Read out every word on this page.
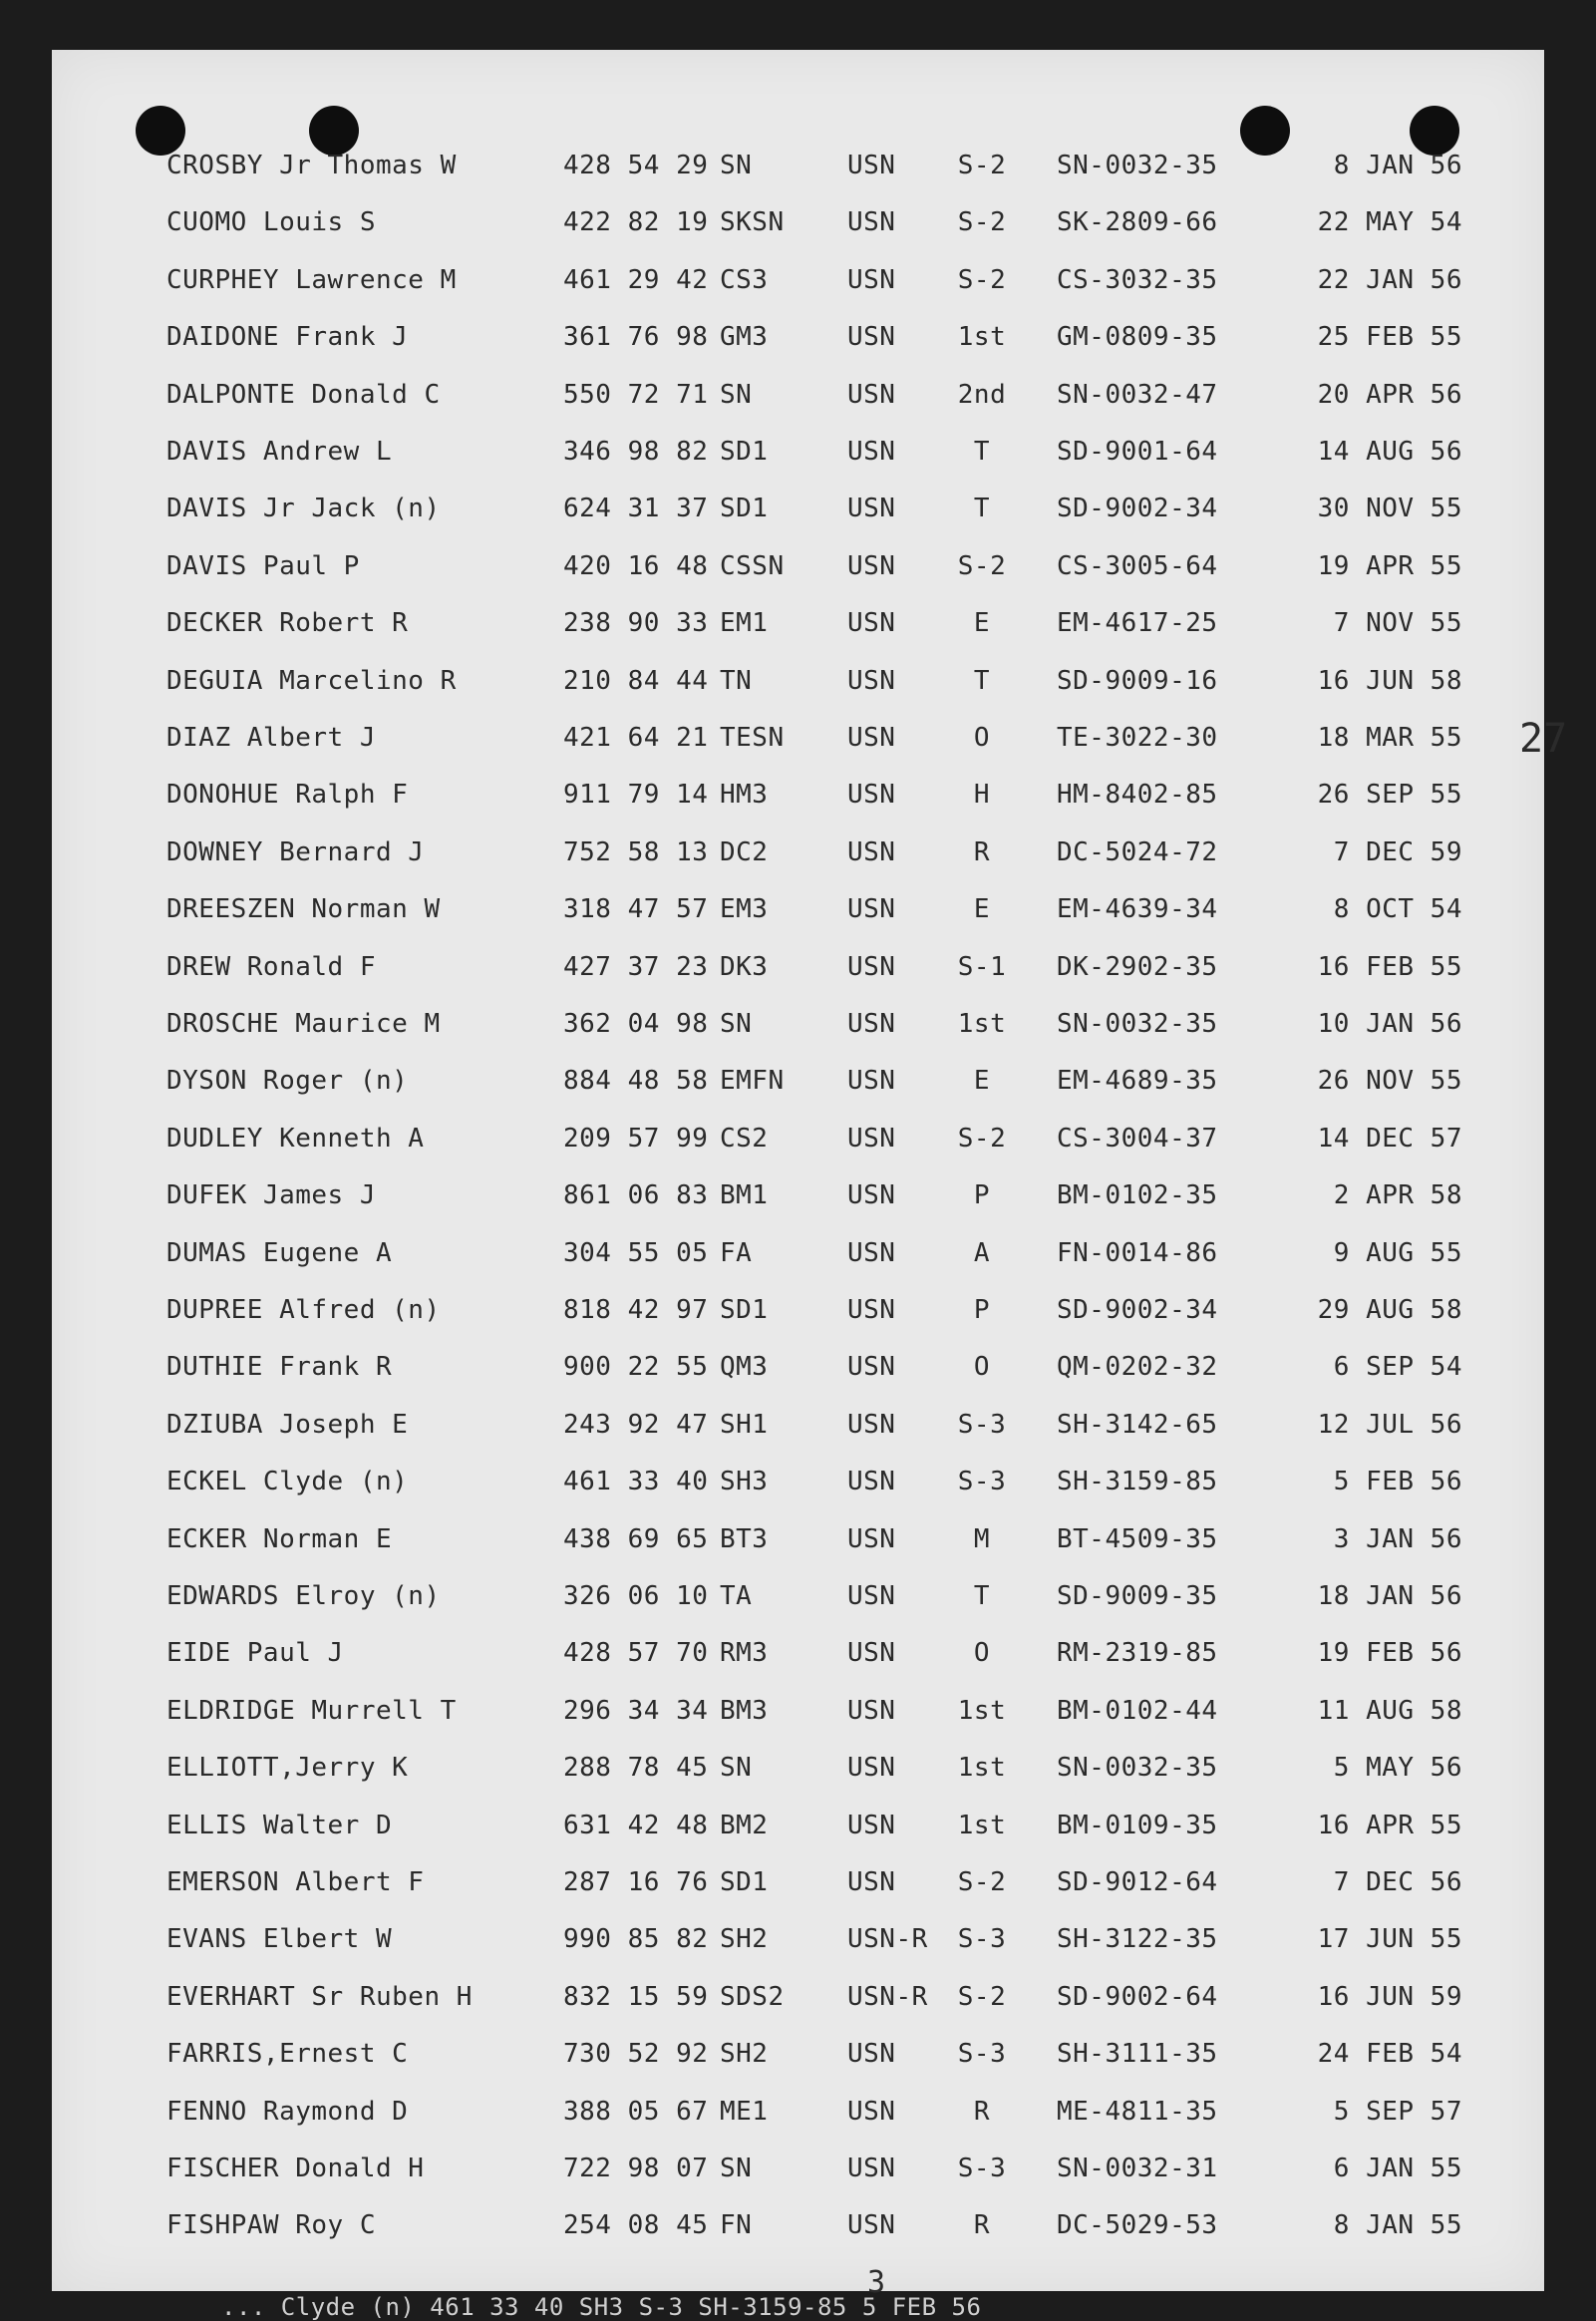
CROSBY Jr Thomas W	428 54 29 SN	USN	S-2	SN-0032-35	8 JAN 56
CUOMO Louis S	422 82 19 SKSN USN	S-2	SK-2809-66	22 MAY 54
CURPHEY Lawrence M	461 29 42 CS3	USN	S-2	CS-3032-35	22 JAN 56
DAIDONE Frank J	361 76 98 GM3	USN	1st	GM-0809-35	25 FEB 55
DALPONTE Donald C	550 72 71 SN	USN	2nd	SN-0032-47	20 APR 56
DAVIS Andrew L	346 98 82 SD1	USN	T	SD-9001-64	14 AUG 56
DAVIS Jr Jack (n)	624 31 37 SD1	USN	T	SD-9002-34	30 NOV 55
DAVIS Paul P	420 16 48 CSSN USN	S-2	CS-3005-64	19 APR 55
DECKER Robert R	238 90 33 EM1	USN	E	EM-4617-25	7 NOV 55
DEGUIA Marcelino R	210 84 44 TN	USN	T	SD-9009-16	16 JUN 58
DIAZ Albert J	421 64 21 TESN USN	O	TE-3022-30	18 MAR 55
DONOHUE Ralph F	911 79 14 HM3	USN	H	HM-8402-85	26 SEP 55
DOWNEY Bernard J	752 58 13 DC2	USN	R	DC-5024-72	7 DEC 59
DREESZEN Norman W	318 47 57 EM3	USN	E	EM-4639-34	8 OCT 54
DREW Ronald F	427 37 23 DK3	USN	S-1	DK-2902-35	16 FEB 55
DROSCHE Maurice M	362 04 98 SN	USN	1st	SN-0032-35	10 JAN 56
DYSON Roger (n)	884 48 58 EMFN USN	E	EM-4689-35	26 NOV 55
DUDLEY Kenneth A	209 57 99 CS2	USN	S-2	CS-3004-37	14 DEC 57
DUFEK James J	861 06 83 BM1	USN	P	BM-0102-35	2 APR 58
DUMAS Eugene A	304 55 05 FA	USN	A	FN-0014-86	9 AUG 55
DUPREE Alfred (n)	818 42 97 SD1	USN	P	SD-9002-34	29 AUG 58
DUTHIE Frank R	900 22 55 QM3	USN	O	QM-0202-32	6 SEP 54
DZIUBA Joseph E	243 92 47 SH1	USN	S-3	SH-3142-65	12 JUL 56
ECKEL Clyde (n)	461 33 40 SH3	USN	S-3	SH-3159-85	5 FEB 56
ECKER Norman E	438 69 65 BT3	USN	M	BT-4509-35	3 JAN 56
EDWARDS Elroy (n)	326 06 10 TA	USN	T	SD-9009-35	18 JAN 56
EIDE Paul J	428 57 70 RM3	USN	O	RM-2319-85	19 FEB 56
ELDRIDGE Murrell T	296 34 34 BM3	USN	1st	BM-0102-44	11 AUG 58
ELLIOTT,Jerry K	288 78 45 SN	USN	1st	SN-0032-35	5 MAY 56
ELLIS Walter D	631 42 48 BM2	USN	1st	BM-0109-35	16 APR 55
EMERSON Albert F	287 16 76 SD1	USN	S-2	SD-9012-64	7 DEC 56
EVANS Elbert W	990 85 82 SH2	USN-R	S-3	SH-3122-35	17 JUN 55
EVERHART Sr Ruben H	832 15 59 SDS2 USN-R	S-2	SD-9002-64	16 JUN 59
FARRIS,Ernest C	730 52 92 SH2	USN	S-3	SH-3111-35	24 FEB 54
FENNO Raymond D	388 05 67 ME1	USN	R	ME-4811-35	5 SEP 57
FISCHER Donald H	722 98 07 SN	USN	S-3	SN-0032-31	6 JAN 55
FISHPAW Roy C	254 08 45 FN	USN	R	DC-5029-53	8 JAN 55
27
3
... Clyde (n) 461 33 40 SH3 S-3 SH-3159-85 5 FEB 56
